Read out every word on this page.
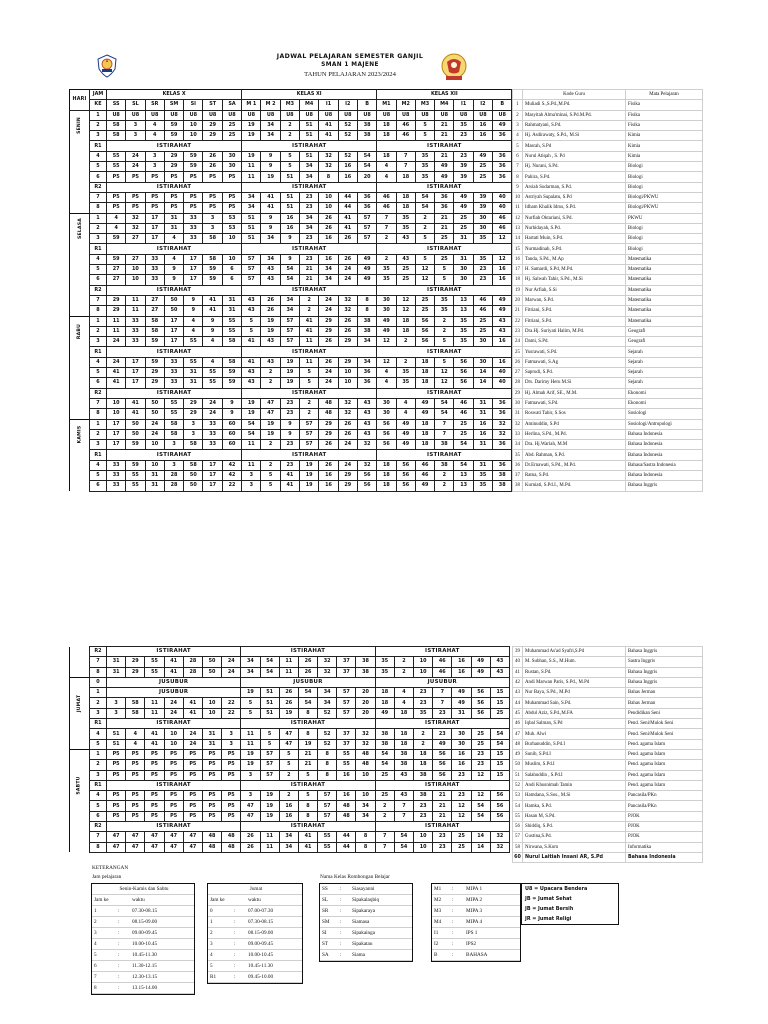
JADWAL PELAJARAN SEMESTER GANJIL
SMAN 1 MAJENE
TAHUN PELAJARAN 2023/2024
HARI	JAM	KELAS X							KELAS XI							KELAS XII						
	KE	SS	SL	SR	SM	SI	ST	SA	M 1	M 2	M3	M4	I1	I2	B	M1	M2	M3	M4	I1	I2	B
	1	U8	U8	U8	U8	U8	U8	U8	U8	U8	U8	U8	U8	U8	U8	U8	U8	U8	U8	U8	U8	U8
SENIN	2	58	3	4	59	10	29	25	19	34	2	51	41	52	38	18	46	5	21	35	16	49
	3	58	3	4	59	10	29	25	19	34	2	51	41	52	38	18	46	5	21	23	16	36
	R1	ISTIRAHAT							ISTIRAHAT							ISTIRAHAT						
	4	55	24	3	29	59	26	30	19	9	5	51	32	52	54	18	7	35	21	23	49	36
	5	55	24	3	29	59	26	30	11	9	5	34	32	16	54	4	7	35	49	39	25	36
	6	P5	P5	P5	P5	P5	P5	P5	11	19	51	34	8	16	20	4	18	35	49	39	25	36
	R2	ISTIRAHAT							ISTIRAHAT							ISTIRAHAT						
	7	P5	P5	P5	P5	P5	P5	P5	34	41	51	23	10	44	36	46	18	54	36	49	39	40
	8	P5	P5	P5	P5	P5	P5	P5	34	41	51	23	10	44	36	46	18	54	36	49	39	40
	1	4	32	17	31	33	3	53	51	9	16	34	26	41	57	7	35	2	21	25	30	46
SELASA	2	4	32	17	31	33	3	53	51	9	16	34	26	41	57	7	35	2	21	25	30	46
	3	59	27	17	4	33	58	10	51	34	9	23	16	26	57	2	43	5	25	31	35	12
	R1	ISTIRAHAT							ISTIRAHAT							ISTIRAHAT						
	4	59	27	33	4	17	58	10	57	34	9	23	16	26	49	2	43	5	25	31	35	12
	5	27	10	33	9	17	59	6	57	43	54	21	34	24	49	35	25	12	5	30	23	16
	6	27	10	33	9	17	59	6	57	43	54	21	34	24	49	35	25	12	5	30	23	16
	R2	ISTIRAHAT							ISTIRAHAT							ISTIRAHAT						
	7	29	11	27	50	9	41	31	43	26	34	2	24	32	8	30	12	25	35	13	46	49
	8	29	11	27	50	9	41	31	43	26	34	2	24	32	8	30	12	25	35	13	46	49
	1	11	33	58	17	4	9	55	5	19	57	41	29	26	38	49	18	56	2	35	25	43
RABU	2	11	33	58	17	4	9	55	5	19	57	41	29	26	38	49	18	56	2	35	25	43
	3	24	33	59	17	55	4	58	41	43	57	11	26	29	34	12	2	56	5	35	30	16
	R1	ISTIRAHAT							ISTIRAHAT							ISTIRAHAT						
	4	24	17	59	33	55	4	58	41	43	19	11	26	29	34	12	2	18	5	56	30	16
	5	41	17	29	33	31	55	59	43	2	19	5	24	10	36	4	35	18	12	56	14	40
	6	41	17	29	33	31	55	59	43	2	19	5	24	10	36	4	35	18	12	56	14	40
	R2	ISTIRAHAT							ISTIRAHAT							ISTIRAHAT						
	7	10	41	50	55	29	24	9	19	47	23	2	48	32	43	30	4	49	54	46	31	36
	8	10	41	50	55	29	24	9	19	47	23	2	48	32	43	30	4	49	54	46	31	36
	1	17	50	24	58	3	33	60	54	19	9	57	29	26	43	56	49	18	7	25	16	32
KAMIS	2	17	50	24	58	3	33	60	54	19	9	57	29	26	43	56	49	18	7	25	16	32
	3	17	59	10	3	58	33	60	11	2	23	57	26	24	32	56	49	18	38	54	31	36
	R1	ISTIRAHAT							ISTIRAHAT							ISTIRAHAT						
	4	33	59	10	3	58	17	42	11	2	23	19	26	24	32	18	56	46	38	54	31	36
	5	33	55	31	28	50	17	42	3	5	41	19	16	29	56	18	56	46	2	13	35	38
	6	33	55	31	28	50	17	22	3	5	41	19	16	29	56	18	56	49	2	13	35	38
	Kode Guru	Mata Pelajaran
1	Muliadi S.,S.Pd.,M.Pd.	Fisika
2	Masyitah Alma'minai, S.Pd.M.Pd.	Fisika
3	Rahmatyani, S.Pd.	Fisika
4	Hj. Asdirawaty, S.Pd., M.Si	Kimia
5	Masrah, S.Pd	Kimia
6	Nurul Atiqah , S. Pd	Kimia
7	Hj. Nurani, S.Pd.	Biologi
8	Pahira, S.Pd.	Biologi
9	Arsiah Sudarman, S.Pd.	Biologi
10	Astriyah Supalatu, S.Pd	Biologi/PKWU
11	Idham Khalik Idrus, S.Pd.	Biologi/PKWU
12	Nurfiah Oktariani, S.Pd.	PKWU
13	Nurhidayah, S.Pd.	Biologi
14	Hartati Muin, S.Pd.	Biologi
15	Nurmadinah, S.Pd.	Biologi
16	Tanda, S.Pd., M.Ap	Matematika
17	H. Samardi, S.Pd, M.Pd.	Matematika
18	Hj. Salwah Tahir, S.Pd., M.Si	Matematika
19	Nur Arfiah, S.Si	Matematika
20	Marwan, S.Pd.	Matematika
21	Fitriani, S.Pd.	Matematika
22	Fitriani, S.Pd.	Matematika
23	Dra.Hj. Suriyati Halim, M.Pd.	Geografi
24	Dami, S.Pd.	Geografi
25	Yusrawati, S.Pd.	Sejarah
26	Fatmawati, S.Ag	Sejarah
27	Saprudi, S.Pd.	Sejarah
28	Drs. Darimy Heru M.Si	Sejarah
29	Hj. Almah Arif, SE., M.M.	Ekonomi
30	Fatmawati, S.Pd.	Ekonomi
31	Roswati Tahir, S.Sos	Sosiologi
32	Aminuddin, S.Pd	Sosiologi/Antropologi
33	Herlina, S.Pd., M.Pd.	Bahasa Indonesia
34	Dra. Hj.Warlah, M.M	Bahasa Indonesia
35	Abd. Rahman, S.Pd.	Bahasa Indonesia
36	Dr.Ernawati, S.Pd., M.Pd.	Bahasa/Sastra Indonesia
37	Ratna, S.Pd.	Bahasa Indonesia
38	Kurniati, S.Pd.I., M.Pd.	Bahasa Inggris
	R2	ISTIRAHAT							ISTIRAHAT							ISTIRAHAT						
	7	31	29	55	41	28	50	24	34	54	11	26	32	37	38	35	2	10	46	16	49	43
	8	31	29	55	41	28	50	24	34	54	11	26	32	37	38	35	2	10	46	16	49	43
	0	JUSUBUR							JUSUBUR							JUSUBUR						
	1	JUSUBUR							19	51	26	54	34	57	20	18	4	23	7	49	56	15
JUMAT	2	3	58	11	24	41	10	22	5	51	26	54	34	57	20	18	4	23	7	49	56	15
	3	3	58	11	24	41	10	22	5	51	19	8	52	57	20	49	18	35	23	31	56	25
	R1	ISTIRAHAT							ISTIRAHAT							ISTIRAHAT						
	4	51	4	41	10	24	31	3	11	5	47	8	52	37	32	38	18	2	23	30	25	54
	5	51	4	41	10	24	31	3	11	5	47	19	52	37	32	38	18	2	49	30	25	54
	1	P5	P5	P5	P5	P5	P5	P5	19	57	5	21	8	55	48	54	38	18	56	16	23	15
	2	P5	P5	P5	P5	P5	P5	P5	19	57	5	21	8	55	48	54	38	18	56	16	23	15
	3	P5	P5	P5	P5	P5	P5	P5	3	57	2	5	8	16	10	25	43	38	56	23	12	15
SABTU	R1	ISTIRAHAT							ISTIRAHAT							ISTIRAHAT						
	4	P5	P5	P5	P5	P5	P5	P5	3	19	2	5	57	16	10	25	43	38	21	23	12	56
	5	P5	P5	P5	P5	P5	P5	P5	47	19	16	8	57	48	34	2	7	23	21	12	54	56
	6	P5	P5	P5	P5	P5	P5	P5	47	19	16	8	57	48	34	2	7	23	21	12	54	56
	R2	ISTIRAHAT							ISTIRAHAT							ISTIRAHAT						
	7	47	47	47	47	47	48	48	26	11	34	41	55	44	8	7	54	10	23	25	14	32
	8	47	47	47	47	47	48	48	26	11	34	41	55	44	8	7	54	10	23	25	14	32
39	Muhammad As'ad Syafri,S.Pd	Bahasa Inggris
40	M. Subhan, S.S., M.Hum.	Sastra Inggris
41	Rustan, S.Pd.	Bahasa Inggris
42	Andi Marwan Paris, S.Pd., M.Pd	Bahasa Inggris
43	Nur Baya, S.Pd., M.Pd	Bahas Jerman
44	Muhammad Sain, S.Pd.	Bahas Jerman
45	Abdul Aziz, S.Pd.,M.FA	Pendidikan Seni
46	Iqbal Salman, S.Pd	Pend. Seni/Mulok Seni
47	Muh. Alwi	Pend. Seni/Mulok Seni
48	Burhanuddin, S.Pd.I	Pend. agama Islam
49	Sunib, S.Pd.I	Pend. agama Islam
50	Muslim, S.Pd.I	Pend. agama Islam
51	Salahuddin , S.Pd.I	Pend. agama Islam
52	Andi Khusnimah Tamin	Pend. agama Islam
53	Hamdana, S.Sos., M.Si	Pancasila/PKn
54	Hamka, S.Pd.	Pancasila/PKn
55	Hasan M, S.Pd.	PJOK
56	Shiddiq, S.Pd.	PJOK
57	Gustina,S.Pd.	PJOK
58	Nirwana, S.Kom	Informatika
60	Nurul Laitiah Insani AR, S.Pd	Bahasa Indonesia
KETERANGAN
Jam pelajaran
Senin-Kamis dan Sabtu		
Jam ke		waktu
1	:	07.30-08.15
2	:	08.15-09.00
3	:	09.00-09.45
4	:	10.00-10.45
5	:	10.45-11.30
6	:	11.30-12.15
7	:	12.30-13.15
8	:	13.15-14.00
Jumat		
Jam ke		waktu
0	:	07.00-07.30
1	:	07.30-08.15
2	:	08.15-09.00
3	:	09.00-09.45
4	:	10.00-10.45
5	:	10.45-11.30
R1	:	09.45-10.00
Nama Kelas Rombongan Belajar
SS	:	Siasayanni
SL	:	Sipakalaqbiq
SR	:	Sipakaraya
SM	:	Siamasa
SI	:	Sipakainga
ST	:	Sipakatau
SA	:	Siama
M1	:	MIPA 1
M2	:	MIPA 2
M3	:	MIPA 3
M4	:	MIPA 4
I1	:	IPS 1
I2	:	IPS2
B	:	BAHASA
U8 = Upacara Bendera
JB = Jumat Sehat
JB = Jumat Bersih
JR = Jumat Religi
